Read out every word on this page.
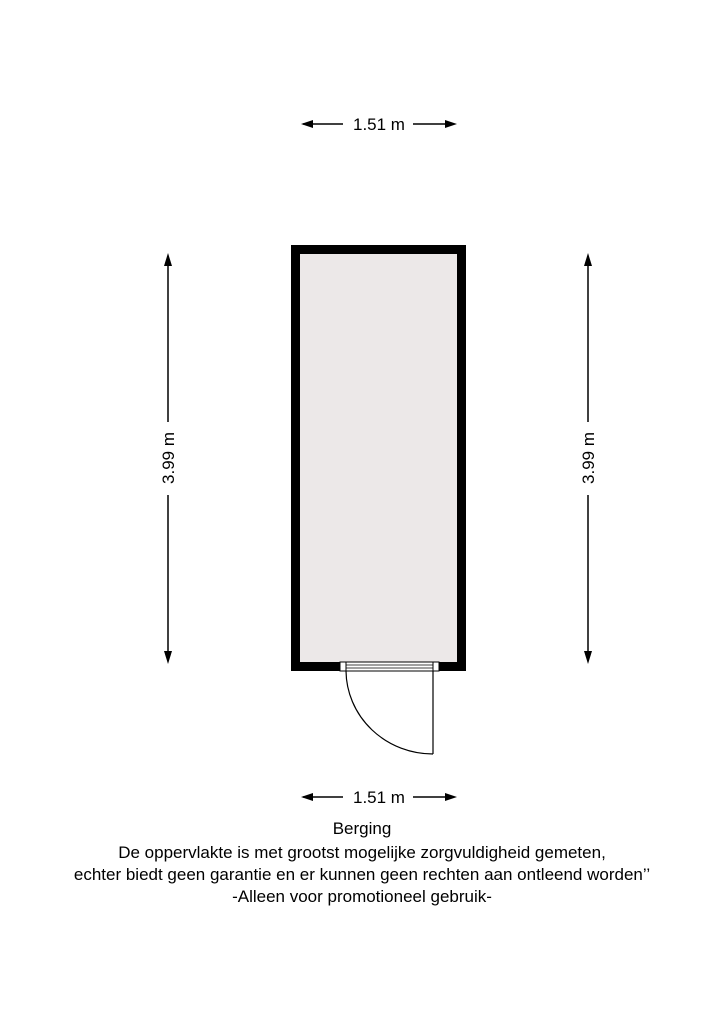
1.51 m
3.99 m	3.99 m
1.51 m
Berging
De oppervlakte is met grootst mogelijke zorgvuldigheid gemeten,
echter biedt geen garantie en er kunnen geen rechten aan ontleend worden’’
-Alleen voor promotioneel gebruik-
